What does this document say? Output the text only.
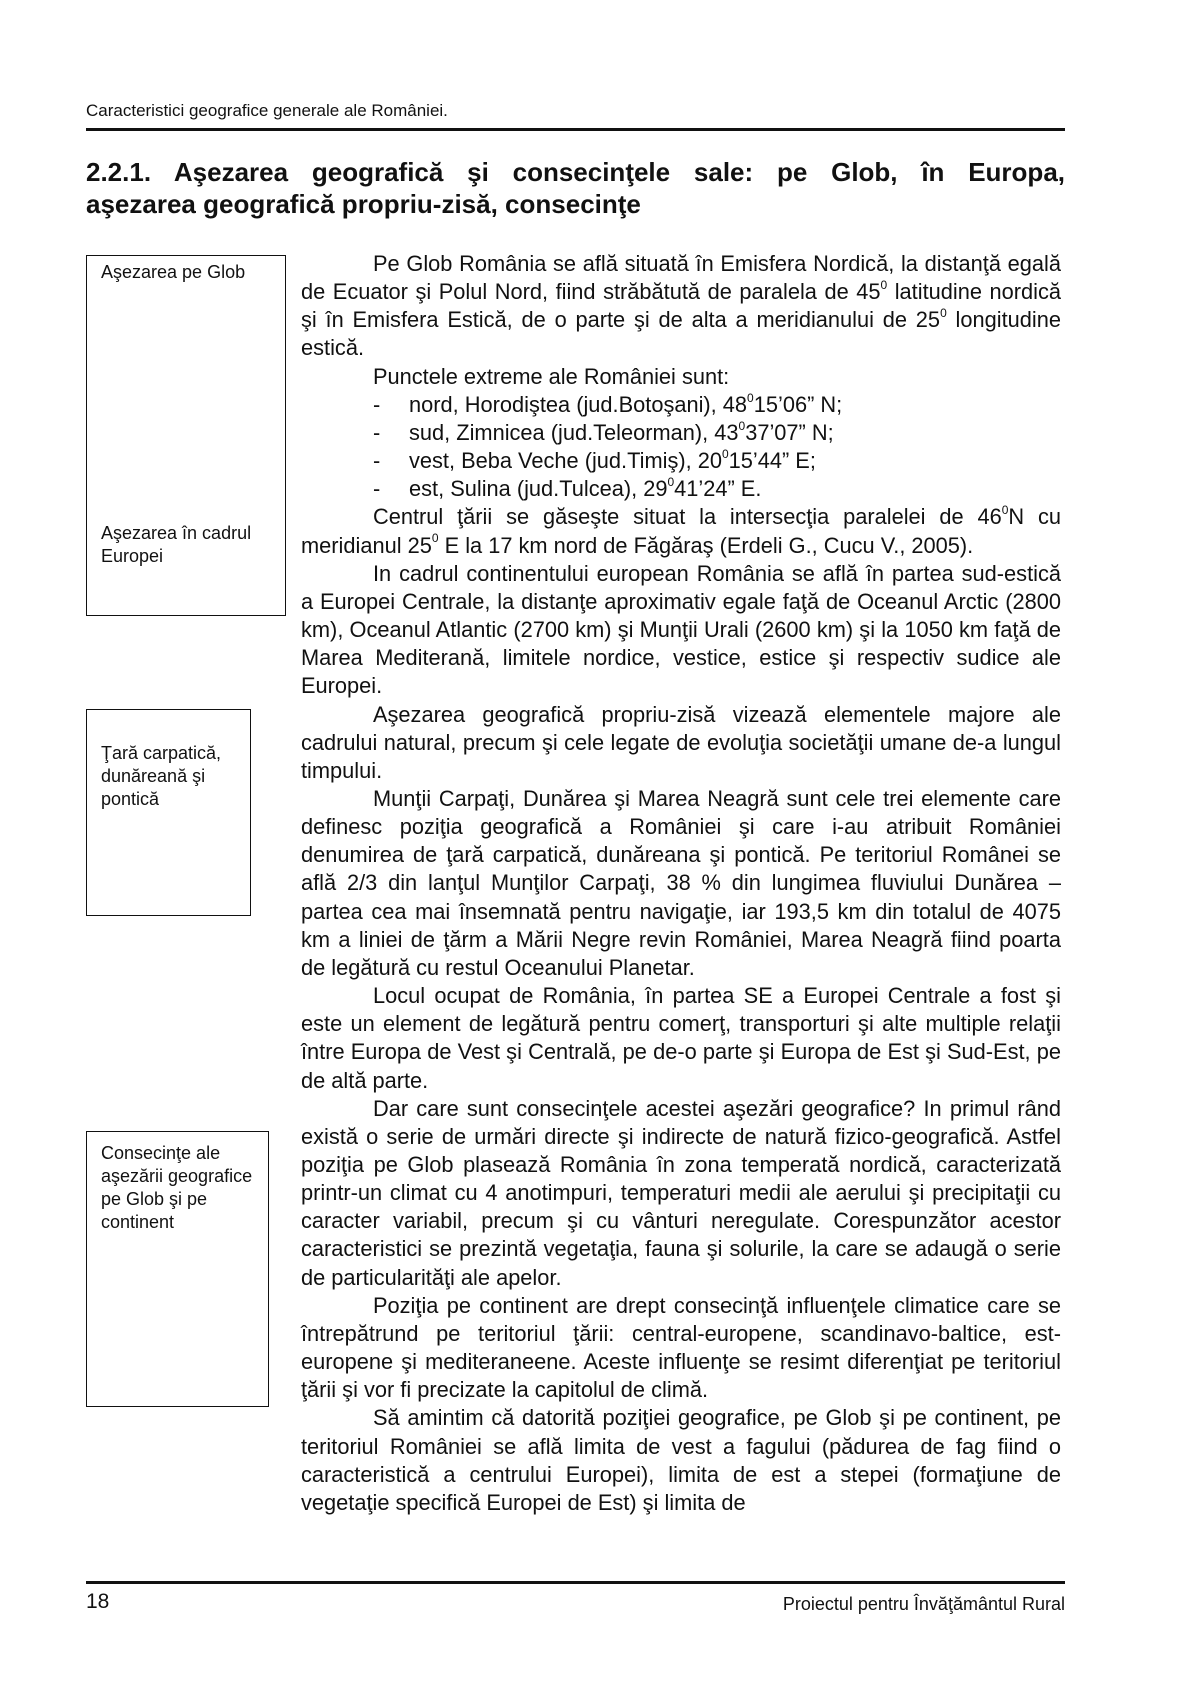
Caracteristici geografice generale ale României.
2.2.1. Aşezarea geografică şi consecinţele sale: pe Glob, în Europa,
aşezarea geografică propriu-zisă, consecinţe

Aşezarea pe Glob

Aşezarea în cadrul Europei

Ţară carpatică, dunăreană şi pontică

Consecinţe ale aşezării geografice pe Glob şi pe continent

Pe Glob România se află situată în Emisfera Nordică, la distanţă egală de Ecuator şi Polul Nord, fiind străbătută de paralela de $45^0$ latitudine nordică şi în Emisfera Estică, de o parte şi de alta a meridianului de $25^0$ longitudine estică.

Punctele extreme ale României sunt:

- nord, Horodiştea (jud.Botoşani), $48^015’06$” N;

- sud, Zimnicea (jud.Teleorman), $43^037’07$” N;

- vest, Beba Veche (jud.Timiş), $20^015’44$” E;

- est, Sulina (jud.Tulcea), $29^041’24$” E.

Centrul ţării se găseşte situat la intersecţia paralelei de $46^0N$ cu meridianul $25^0$ E la 17 km nord de Făgăraş (Erdeli G., Cucu V., 2005).

In cadrul continentului european România se află în partea sud-estică a Europei Centrale, la distanţe aproximativ egale faţă de Oceanul Arctic (2800 km), Oceanul Atlantic (2700 km) şi Munţii Urali (2600 km) şi la 1050 km faţă de Marea Mediterană, limitele nordice, vestice, estice şi respectiv sudice ale Europei.

Aşezarea geografică propriu-zisă vizează elementele majore ale cadrului natural, precum şi cele legate de evoluţia societăţii umane de-a lungul timpului.

Munţii Carpaţi, Dunărea şi Marea Neagră sunt cele trei elemente care definesc poziţia geografică a României şi care i-au atribuit României denumirea de ţară carpatică, dunăreana şi pontică. Pe teritoriul Românei se află 2/3 din lanţul Munţilor Carpaţi, 38 % din lungimea fluviului Dunărea – partea cea mai însemnată pentru navigaţie, iar 193,5 km din totalul de 4075 km a liniei de ţărm a Mării Negre revin României, Marea Neagră fiind poarta de legătură cu restul Oceanului Planetar.

Locul ocupat de România, în partea SE a Europei Centrale a fost şi este un element de legătură pentru comerţ, transporturi şi alte multiple relaţii între Europa de Vest şi Centrală, pe de-o parte şi Europa de Est şi Sud-Est, pe de altă parte.

Dar care sunt consecinţele acestei aşezări geografice? In primul rând există o serie de urmări directe şi indirecte de natură fizico-geografică. Astfel poziţia pe Glob plasează România în zona temperată nordică, caracterizată printr-un climat cu 4 anotimpuri, temperaturi medii ale aerului şi precipitaţii cu caracter variabil, precum şi cu vânturi neregulate. Corespunzător acestor caracteristici se prezintă vegetaţia, fauna şi solurile, la care se adaugă o serie de particularităţi ale apelor.

Poziţia pe continent are drept consecinţă influenţele climatice care se întrepătrund pe teritoriul ţării: central-europene, scandinavo-baltice, est-europene şi mediteraneene. Aceste influenţe se resimt diferenţiat pe teritoriul ţării şi vor fi precizate la capitolul de climă.

Să amintim că datorită poziţiei geografice, pe Glob şi pe continent, pe teritoriul României se află limita de vest a fagului (pădurea de fag fiind o caracteristică a centrului Europei), limita de est a stepei (formaţiune de vegetaţie specifică Europei de Est) şi limita de

18	Proiectul pentru Învăţământul Rural
